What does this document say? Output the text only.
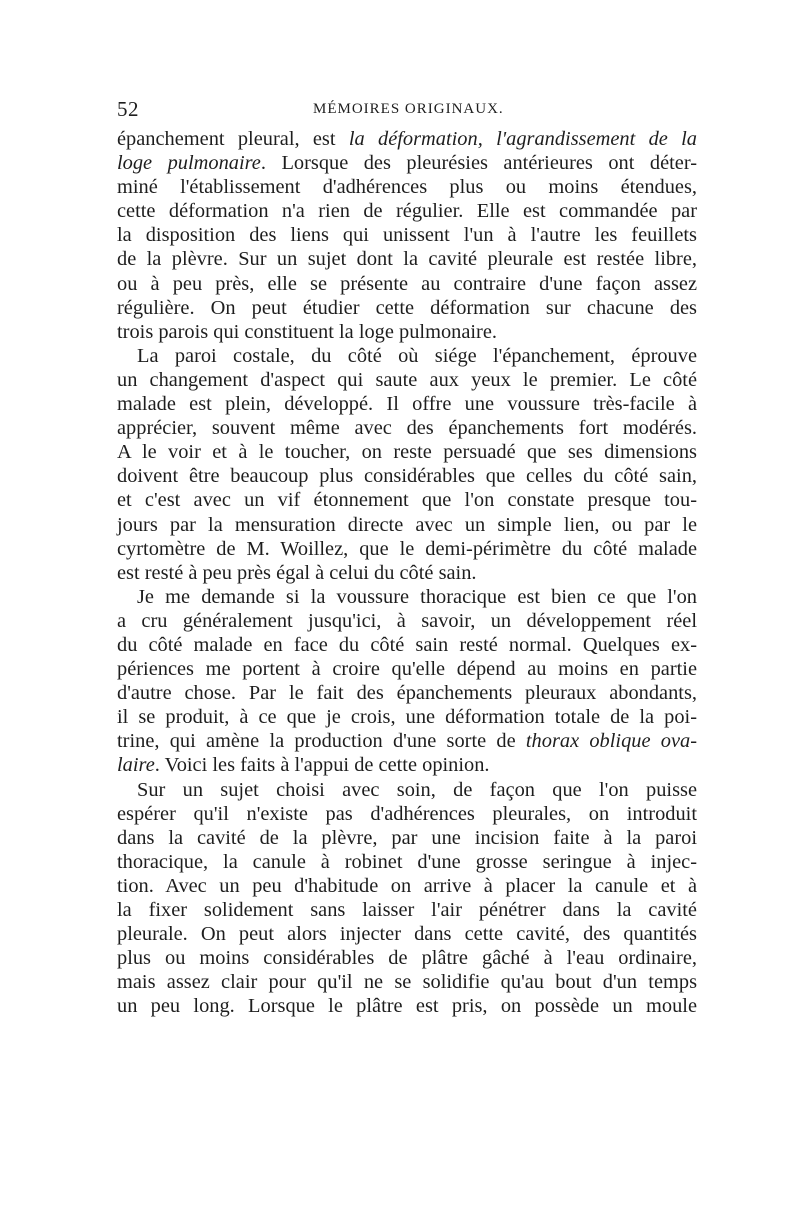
52	MÉMOIRES ORIGINAUX.
épanchement pleural, est la déformation, l'agrandissement de la
loge pulmonaire. Lorsque des pleurésies antérieures ont déter-
miné l'établissement d'adhérences plus ou moins étendues,
cette déformation n'a rien de régulier. Elle est commandée par
la disposition des liens qui unissent l'un à l'autre les feuillets
de la plèvre. Sur un sujet dont la cavité pleurale est restée libre,
ou à peu près, elle se présente au contraire d'une façon assez
régulière. On peut étudier cette déformation sur chacune des
trois parois qui constituent la loge pulmonaire.
La paroi costale, du côté où siége l'épanchement, éprouve
un changement d'aspect qui saute aux yeux le premier. Le côté
malade est plein, développé. Il offre une voussure très-facile à
apprécier, souvent même avec des épanchements fort modérés.
A le voir et à le toucher, on reste persuadé que ses dimensions
doivent être beaucoup plus considérables que celles du côté sain,
et c'est avec un vif étonnement que l'on constate presque tou-
jours par la mensuration directe avec un simple lien, ou par le
cyrtomètre de M. Woillez, que le demi-périmètre du côté malade
est resté à peu près égal à celui du côté sain.
Je me demande si la voussure thoracique est bien ce que l'on
a cru généralement jusqu'ici, à savoir, un développement réel
du côté malade en face du côté sain resté normal. Quelques ex-
périences me portent à croire qu'elle dépend au moins en partie
d'autre chose. Par le fait des épanchements pleuraux abondants,
il se produit, à ce que je crois, une déformation totale de la poi-
trine, qui amène la production d'une sorte de thorax oblique ova-
laire. Voici les faits à l'appui de cette opinion.
Sur un sujet choisi avec soin, de façon que l'on puisse
espérer qu'il n'existe pas d'adhérences pleurales, on introduit
dans la cavité de la plèvre, par une incision faite à la paroi
thoracique, la canule à robinet d'une grosse seringue à injec-
tion. Avec un peu d'habitude on arrive à placer la canule et à
la fixer solidement sans laisser l'air pénétrer dans la cavité
pleurale. On peut alors injecter dans cette cavité, des quantités
plus ou moins considérables de plâtre gâché à l'eau ordinaire,
mais assez clair pour qu'il ne se solidifie qu'au bout d'un temps
un peu long. Lorsque le plâtre est pris, on possède un moule
